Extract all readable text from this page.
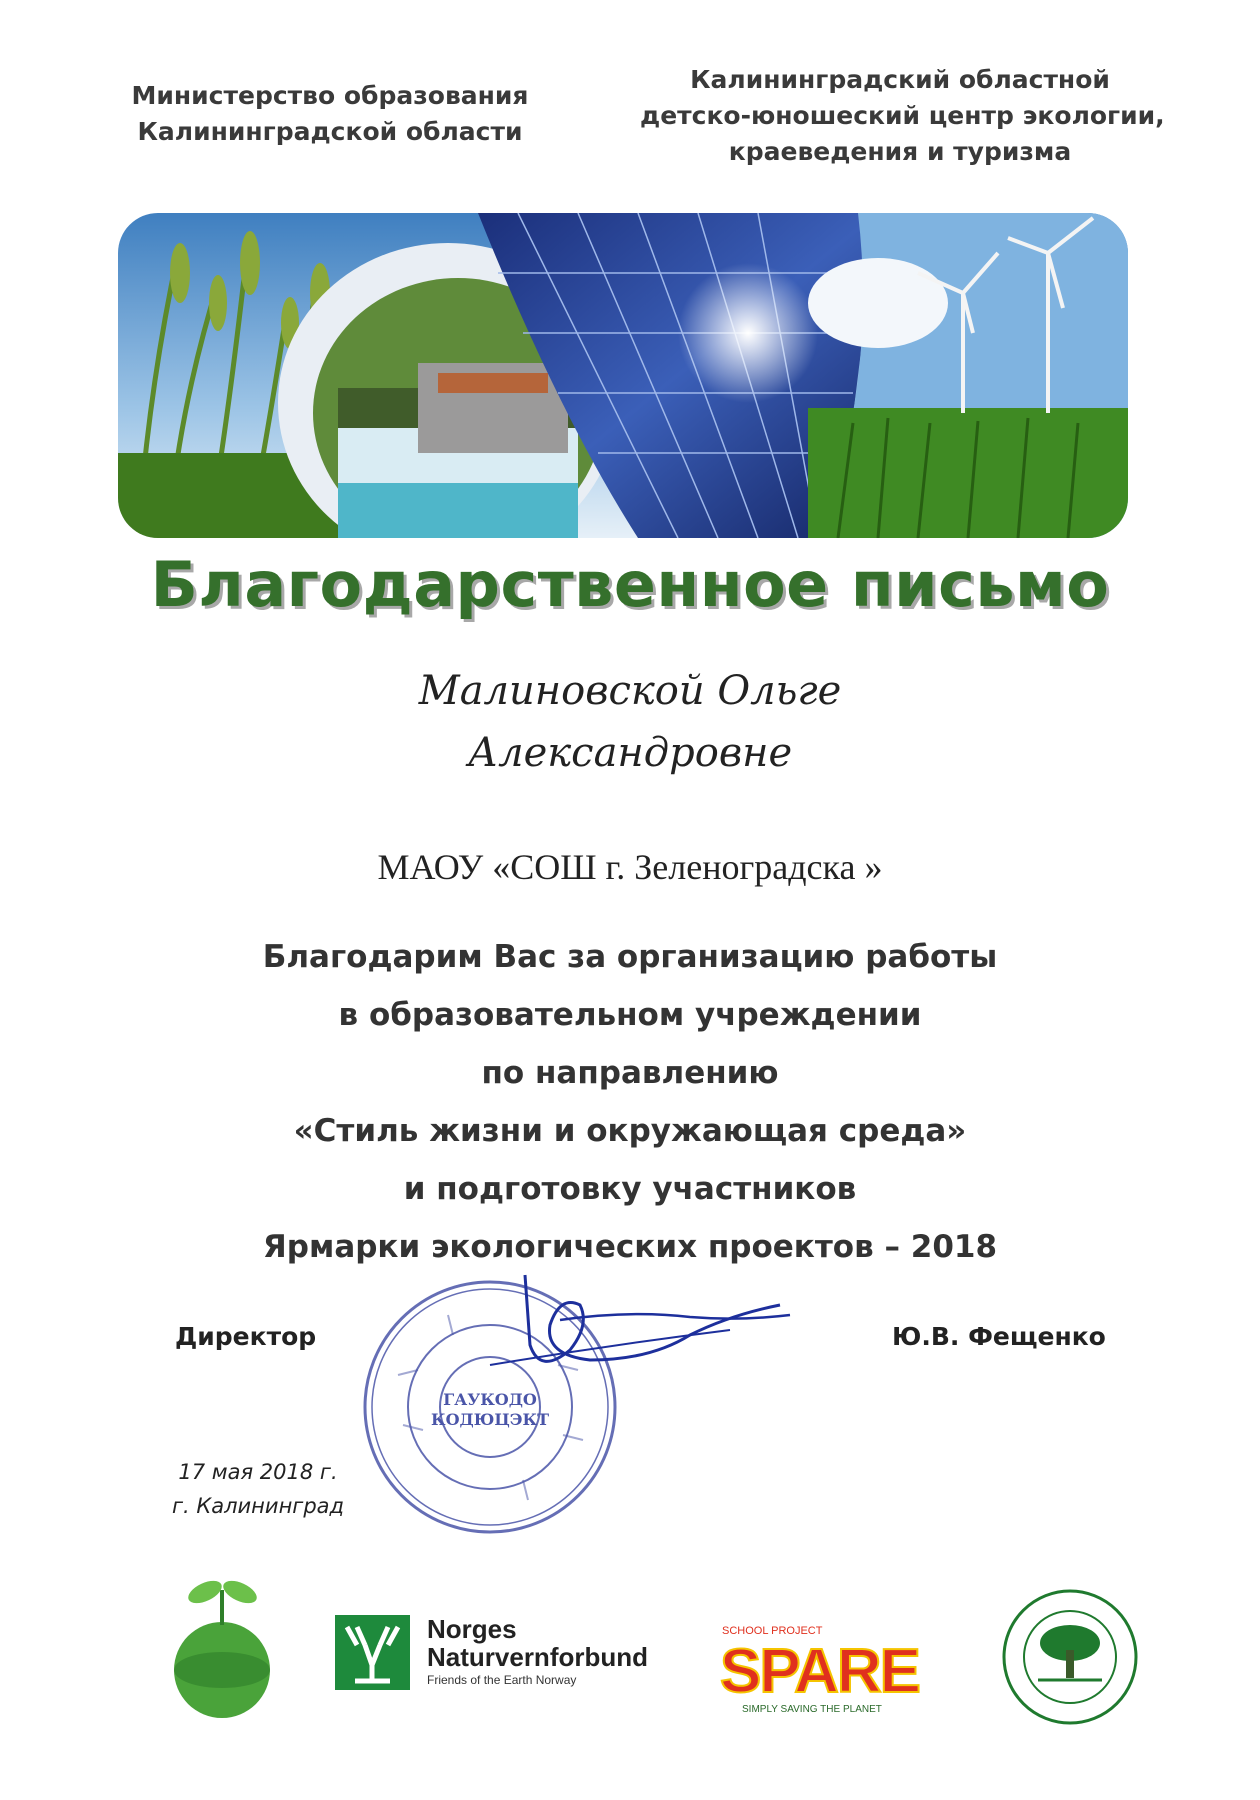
Министерство образования
Калининградской области
Калининградский областной
детско-юношеский центр экологии,
краеведения и туризма
Благодарственное письмо
Малиновской Ольге
Александровне
МАОУ «СОШ г. Зеленоградска »
Благодарим Вас за организацию работы
в образовательном учреждении
по направлению
«Стиль жизни и окружающая среда»
и подготовку участников
Ярмарки экологических проектов – 2018
Директор	Ю.В. Фещенко
ГАУКОДО
КОДЮЦЭКТ
17 мая 2018 г.
г. Калининград
Norges
Naturvernforbund
Friends of the Earth Norway
SCHOOL PROJECT
SPARE
SIMPLY SAVING THE PLANET
